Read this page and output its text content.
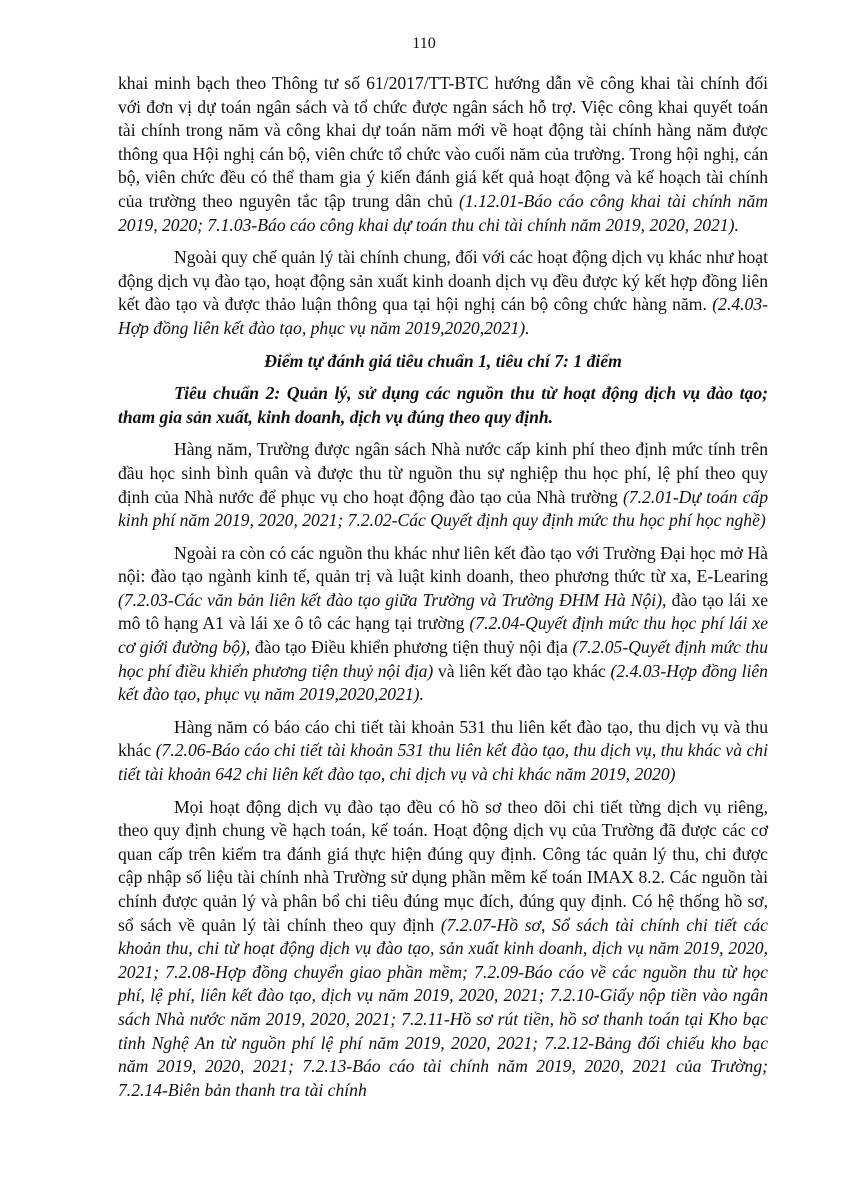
110

khai minh bạch theo Thông tư số 61/2017/TT-BTC hướng dẫn về công khai tài chính đối với đơn vị dự toán ngân sách và tổ chức được ngân sách hỗ trợ. Việc công khai quyết toán tài chính trong năm và công khai dự toán năm mới về hoạt động tài chính hàng năm được thông qua Hội nghị cán bộ, viên chức tổ chức vào cuối năm của trường. Trong hội nghị, cán bộ, viên chức đều có thể tham gia ý kiến đánh giá kết quả hoạt động và kế hoạch tài chính của trường theo nguyên tắc tập trung dân chủ (1.12.01-Báo cáo công khai tài chính năm 2019, 2020; 7.1.03-Báo cáo công khai dự toán thu chi tài chính năm 2019, 2020, 2021).

Ngoài quy chế quản lý tài chính chung, đối với các hoạt động dịch vụ khác như hoạt động dịch vụ đào tạo, hoạt động sản xuất kinh doanh dịch vụ đều được ký kết hợp đồng liên kết đào tạo và được thảo luận thông qua tại hội nghị cán bộ công chức hàng năm. (2.4.03-Hợp đồng liên kết đào tạo, phục vụ năm 2019,2020,2021).

Điểm tự đánh giá tiêu chuẩn 1, tiêu chí 7: 1 điểm

Tiêu chuẩn 2: Quản lý, sử dụng các nguồn thu từ hoạt động dịch vụ đào tạo; tham gia sản xuất, kinh doanh, dịch vụ đúng theo quy định.

Hàng năm, Trường được ngân sách Nhà nước cấp kinh phí theo định mức tính trên đầu học sinh bình quân và được thu từ nguồn thu sự nghiệp thu học phí, lệ phí theo quy định của Nhà nước để phục vụ cho hoạt động đào tạo của Nhà trường (7.2.01-Dự toán cấp kinh phí năm 2019, 2020, 2021; 7.2.02-Các Quyết định quy định mức thu học phí học nghề)

Ngoài ra còn có các nguồn thu khác như liên kết đào tạo với Trường Đại học mở Hà nội: đào tạo ngành kinh tế, quản trị và luật kinh doanh, theo phương thức từ xa, E-Learing (7.2.03-Các văn bản liên kết đào tạo giữa Trường và Trường ĐHM Hà Nội), đào tạo lái xe mô tô hạng A1 và lái xe ô tô các hạng tại trường (7.2.04-Quyết định mức thu học phí lái xe cơ giới đường bộ), đào tạo Điều khiển phương tiện thuỷ nội địa (7.2.05-Quyết định mức thu học phí điều khiển phương tiện thuỷ nội địa) và liên kết đào tạo khác (2.4.03-Hợp đồng liên kết đào tạo, phục vụ năm 2019,2020,2021).

Hàng năm có báo cáo chi tiết tài khoản 531 thu liên kết đào tạo, thu dịch vụ và thu khác (7.2.06-Báo cáo chi tiết tài khoản 531 thu liên kết đào tạo, thu dịch vụ, thu khác và chi tiết tài khoản 642 chi liên kết đào tạo, chi dịch vụ và chi khác năm 2019, 2020)

Mọi hoạt động dịch vụ đào tạo đều có hồ sơ theo dõi chi tiết từng dịch vụ riêng, theo quy định chung về hạch toán, kế toán. Hoạt động dịch vụ của Trường đã được các cơ quan cấp trên kiểm tra đánh giá thực hiện đúng quy định. Công tác quản lý thu, chi được cập nhập số liệu tài chính nhà Trường sử dụng phần mềm kế toán IMAX 8.2. Các nguồn tài chính được quản lý và phân bổ chi tiêu đúng mục đích, đúng quy định. Có hệ thống hồ sơ, sổ sách về quản lý tài chính theo quy định (7.2.07-Hồ sơ, Sổ sách tài chính chi tiết các khoản thu, chi từ hoạt động dịch vụ đào tạo, sản xuất kinh doanh, dịch vụ năm 2019, 2020, 2021; 7.2.08-Hợp đồng chuyển giao phần mềm; 7.2.09-Báo cáo về các nguồn thu từ học phí, lệ phí, liên kết đào tạo, dịch vụ năm 2019, 2020, 2021; 7.2.10-Giấy nộp tiền vào ngân sách Nhà nước năm 2019, 2020, 2021; 7.2.11-Hồ sơ rút tiền, hồ sơ thanh toán tại Kho bạc tỉnh Nghệ An từ nguồn phí lệ phí năm 2019, 2020, 2021; 7.2.12-Bảng đối chiếu kho bạc năm 2019, 2020, 2021; 7.2.13-Báo cáo tài chính năm 2019, 2020, 2021 của Trường; 7.2.14-Biên bản thanh tra tài chính
